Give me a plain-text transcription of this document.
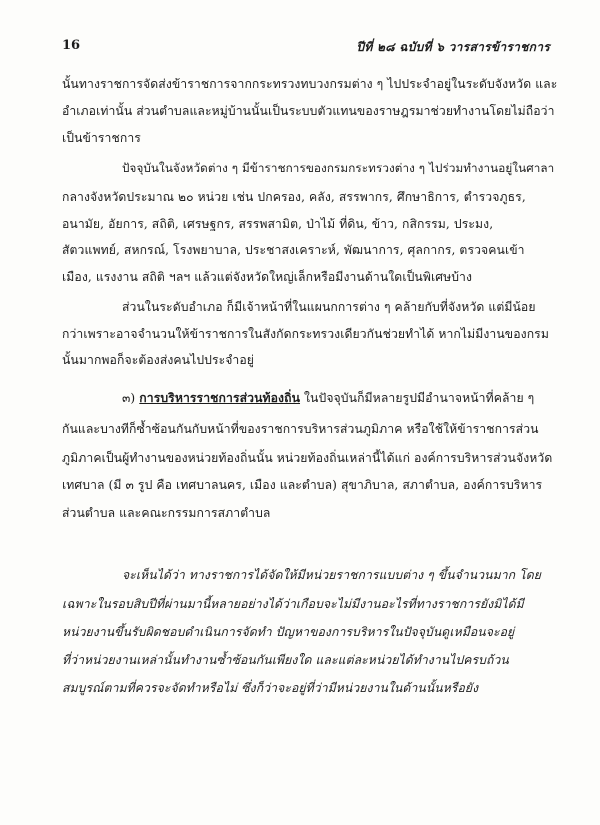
16	ปีที่ ๒๘ ฉบับที่ ๖ วารสารข้าราชการ
นั้นทางราชการจัดส่งข้าราชการจากกระทรวงทบวงกรมต่าง ๆ ไปประจำอยู่ในระดับจังหวัด และ
อำเภอเท่านั้น ส่วนตำบลและหมู่บ้านนั้นเป็นระบบตัวแทนของราษฎรมาช่วยทำงานโดยไม่ถือว่า
เป็นข้าราชการ
ปัจจุบันในจังหวัดต่าง ๆ มีข้าราชการของกรมกระทรวงต่าง ๆ ไปร่วมทำงานอยู่ในศาลา
กลางจังหวัดประมาณ ๒๐ หน่วย เช่น ปกครอง, คลัง, สรรพากร, ศึกษาธิการ, ตำรวจภูธร,
อนามัย, อัยการ, สถิติ, เศรษฐกร, สรรพสามิต, ป่าไม้ ที่ดิน, ข้าว, กสิกรรม, ประมง,
สัตวแพทย์, สหกรณ์, โรงพยาบาล, ประชาสงเคราะห์, พัฒนาการ, ศุลกากร, ตรวจคนเข้า
เมือง, แรงงาน สถิติ ฯลฯ แล้วแต่จังหวัดใหญ่เล็กหรือมีงานด้านใดเป็นพิเศษบ้าง
ส่วนในระดับอำเภอ ก็มีเจ้าหน้าที่ในแผนกการต่าง ๆ คล้ายกับที่จังหวัด แต่มีน้อย
กว่าเพราะอาจจำนวนให้ข้าราชการในสังกัดกระทรวงเดียวกันช่วยทำได้ หากไม่มีงานของกรม
นั้นมากพอก็จะต้องส่งคนไปประจำอยู่
๓) การบริหารราชการส่วนท้องถิ่น ในปัจจุบันก็มีหลายรูปมีอำนาจหน้าที่คล้าย ๆ
กันและบางทีก็ซ้ำซ้อนกันกับหน้าที่ของราชการบริหารส่วนภูมิภาค หรือใช้ให้ข้าราชการส่วน
ภูมิภาคเป็นผู้ทำงานของหน่วยท้องถิ่นนั้น หน่วยท้องถิ่นเหล่านี้ได้แก่ องค์การบริหารส่วนจังหวัด
เทศบาล (มี ๓ รูป คือ เทศบาลนคร, เมือง และตำบล) สุขาภิบาล, สภาตำบล, องค์การบริหาร
ส่วนตำบล และคณะกรรมการสภาตำบล
จะเห็นได้ว่า ทางราชการได้จัดให้มีหน่วยราชการแบบต่าง ๆ ขึ้นจำนวนมาก โดย
เฉพาะในรอบสิบปีที่ผ่านมานี้หลายอย่างได้ว่าเกือบจะไม่มีงานอะไรที่ทางราชการยังมิได้มี
หน่วยงานขึ้นรับผิดชอบดำเนินการจัดทำ ปัญหาของการบริหารในปัจจุบันดูเหมือนจะอยู่
ที่ว่าหน่วยงานเหล่านั้นทำงานซ้ำซ้อนกันเพียงใด และแต่ละหน่วยได้ทำงานไปครบถ้วน
สมบูรณ์ตามที่ควรจะจัดทำหรือไม่ ซึ่งก็ว่าจะอยู่ที่ว่ามีหน่วยงานในด้านนั้นหรือยัง
